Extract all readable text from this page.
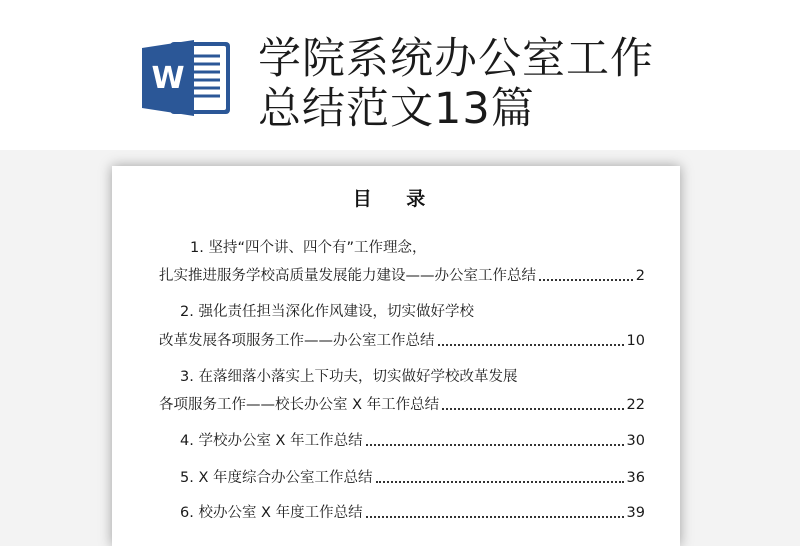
W 学院系统办公室工作
总结范文13篇
目 录
1. 坚持“四个讲、四个有”工作理念，
扎实推进服务学校高质量发展能力建设——办公室工作总结	2
2. 强化责任担当深化作风建设，切实做好学校
改革发展各项服务工作——办公室工作总结	10
3. 在落细落小落实上下功夫，切实做好学校改革发展
各项服务工作——校长办公室 X 年工作总结	22
4. 学校办公室 X 年工作总结	30
5. X 年度综合办公室工作总结	36
6. 校办公室 X 年度工作总结	39
